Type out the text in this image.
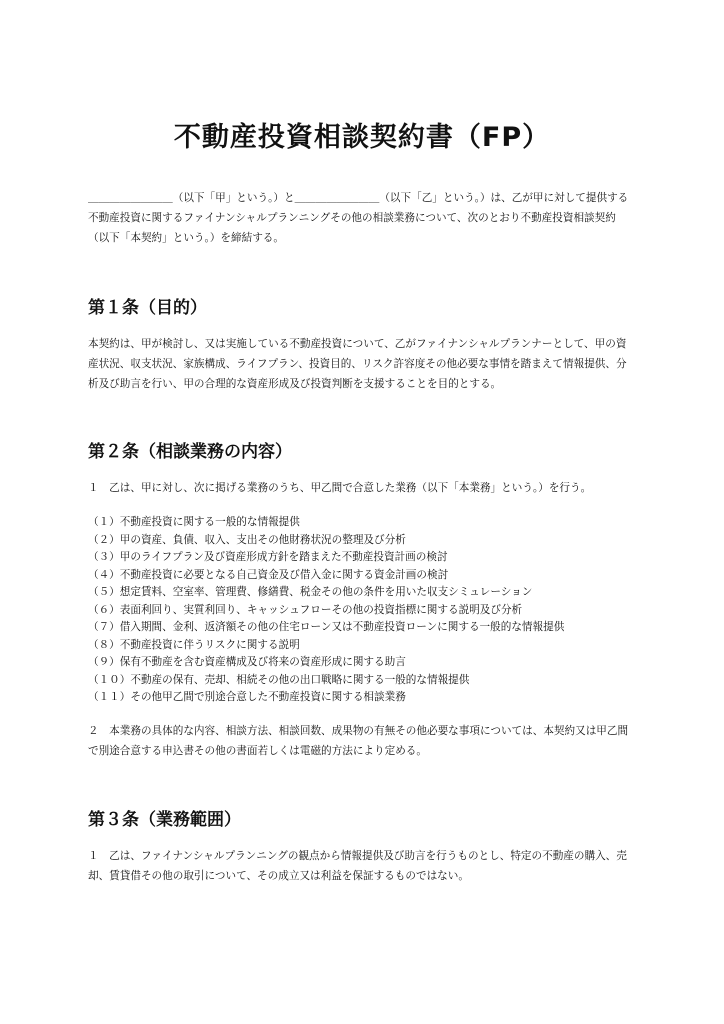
不動産投資相談契約書（FP）

＿＿＿＿＿＿＿＿（以下「甲」という。）と＿＿＿＿＿＿＿＿（以下「乙」という。）は、乙が甲に対して提供する不動産投資に関するファイナンシャルプランニングその他の相談業務について、次のとおり不動産投資相談契約（以下「本契約」という。）を締結する。

第１条（目的）

本契約は、甲が検討し、又は実施している不動産投資について、乙がファイナンシャルプランナーとして、甲の資産状況、収支状況、家族構成、ライフプラン、投資目的、リスク許容度その他必要な事情を踏まえて情報提供、分析及び助言を行い、甲の合理的な資産形成及び投資判断を支援することを目的とする。

第２条（相談業務の内容）

１　乙は、甲に対し、次に掲げる業務のうち、甲乙間で合意した業務（以下「本業務」という。）を行う。

（１）不動産投資に関する一般的な情報提供
（２）甲の資産、負債、収入、支出その他財務状況の整理及び分析
（３）甲のライフプラン及び資産形成方針を踏まえた不動産投資計画の検討
（４）不動産投資に必要となる自己資金及び借入金に関する資金計画の検討
（５）想定賃料、空室率、管理費、修繕費、税金その他の条件を用いた収支シミュレーション
（６）表面利回り、実質利回り、キャッシュフローその他の投資指標に関する説明及び分析
（７）借入期間、金利、返済額その他の住宅ローン又は不動産投資ローンに関する一般的な情報提供
（８）不動産投資に伴うリスクに関する説明
（９）保有不動産を含む資産構成及び将来の資産形成に関する助言
（１０）不動産の保有、売却、相続その他の出口戦略に関する一般的な情報提供
（１１）その他甲乙間で別途合意した不動産投資に関する相談業務

２　本業務の具体的な内容、相談方法、相談回数、成果物の有無その他必要な事項については、本契約又は甲乙間で別途合意する申込書その他の書面若しくは電磁的方法により定める。

第３条（業務範囲）

１　乙は、ファイナンシャルプランニングの観点から情報提供及び助言を行うものとし、特定の不動産の購入、売却、賃貸借その他の取引について、その成立又は利益を保証するものではない。
